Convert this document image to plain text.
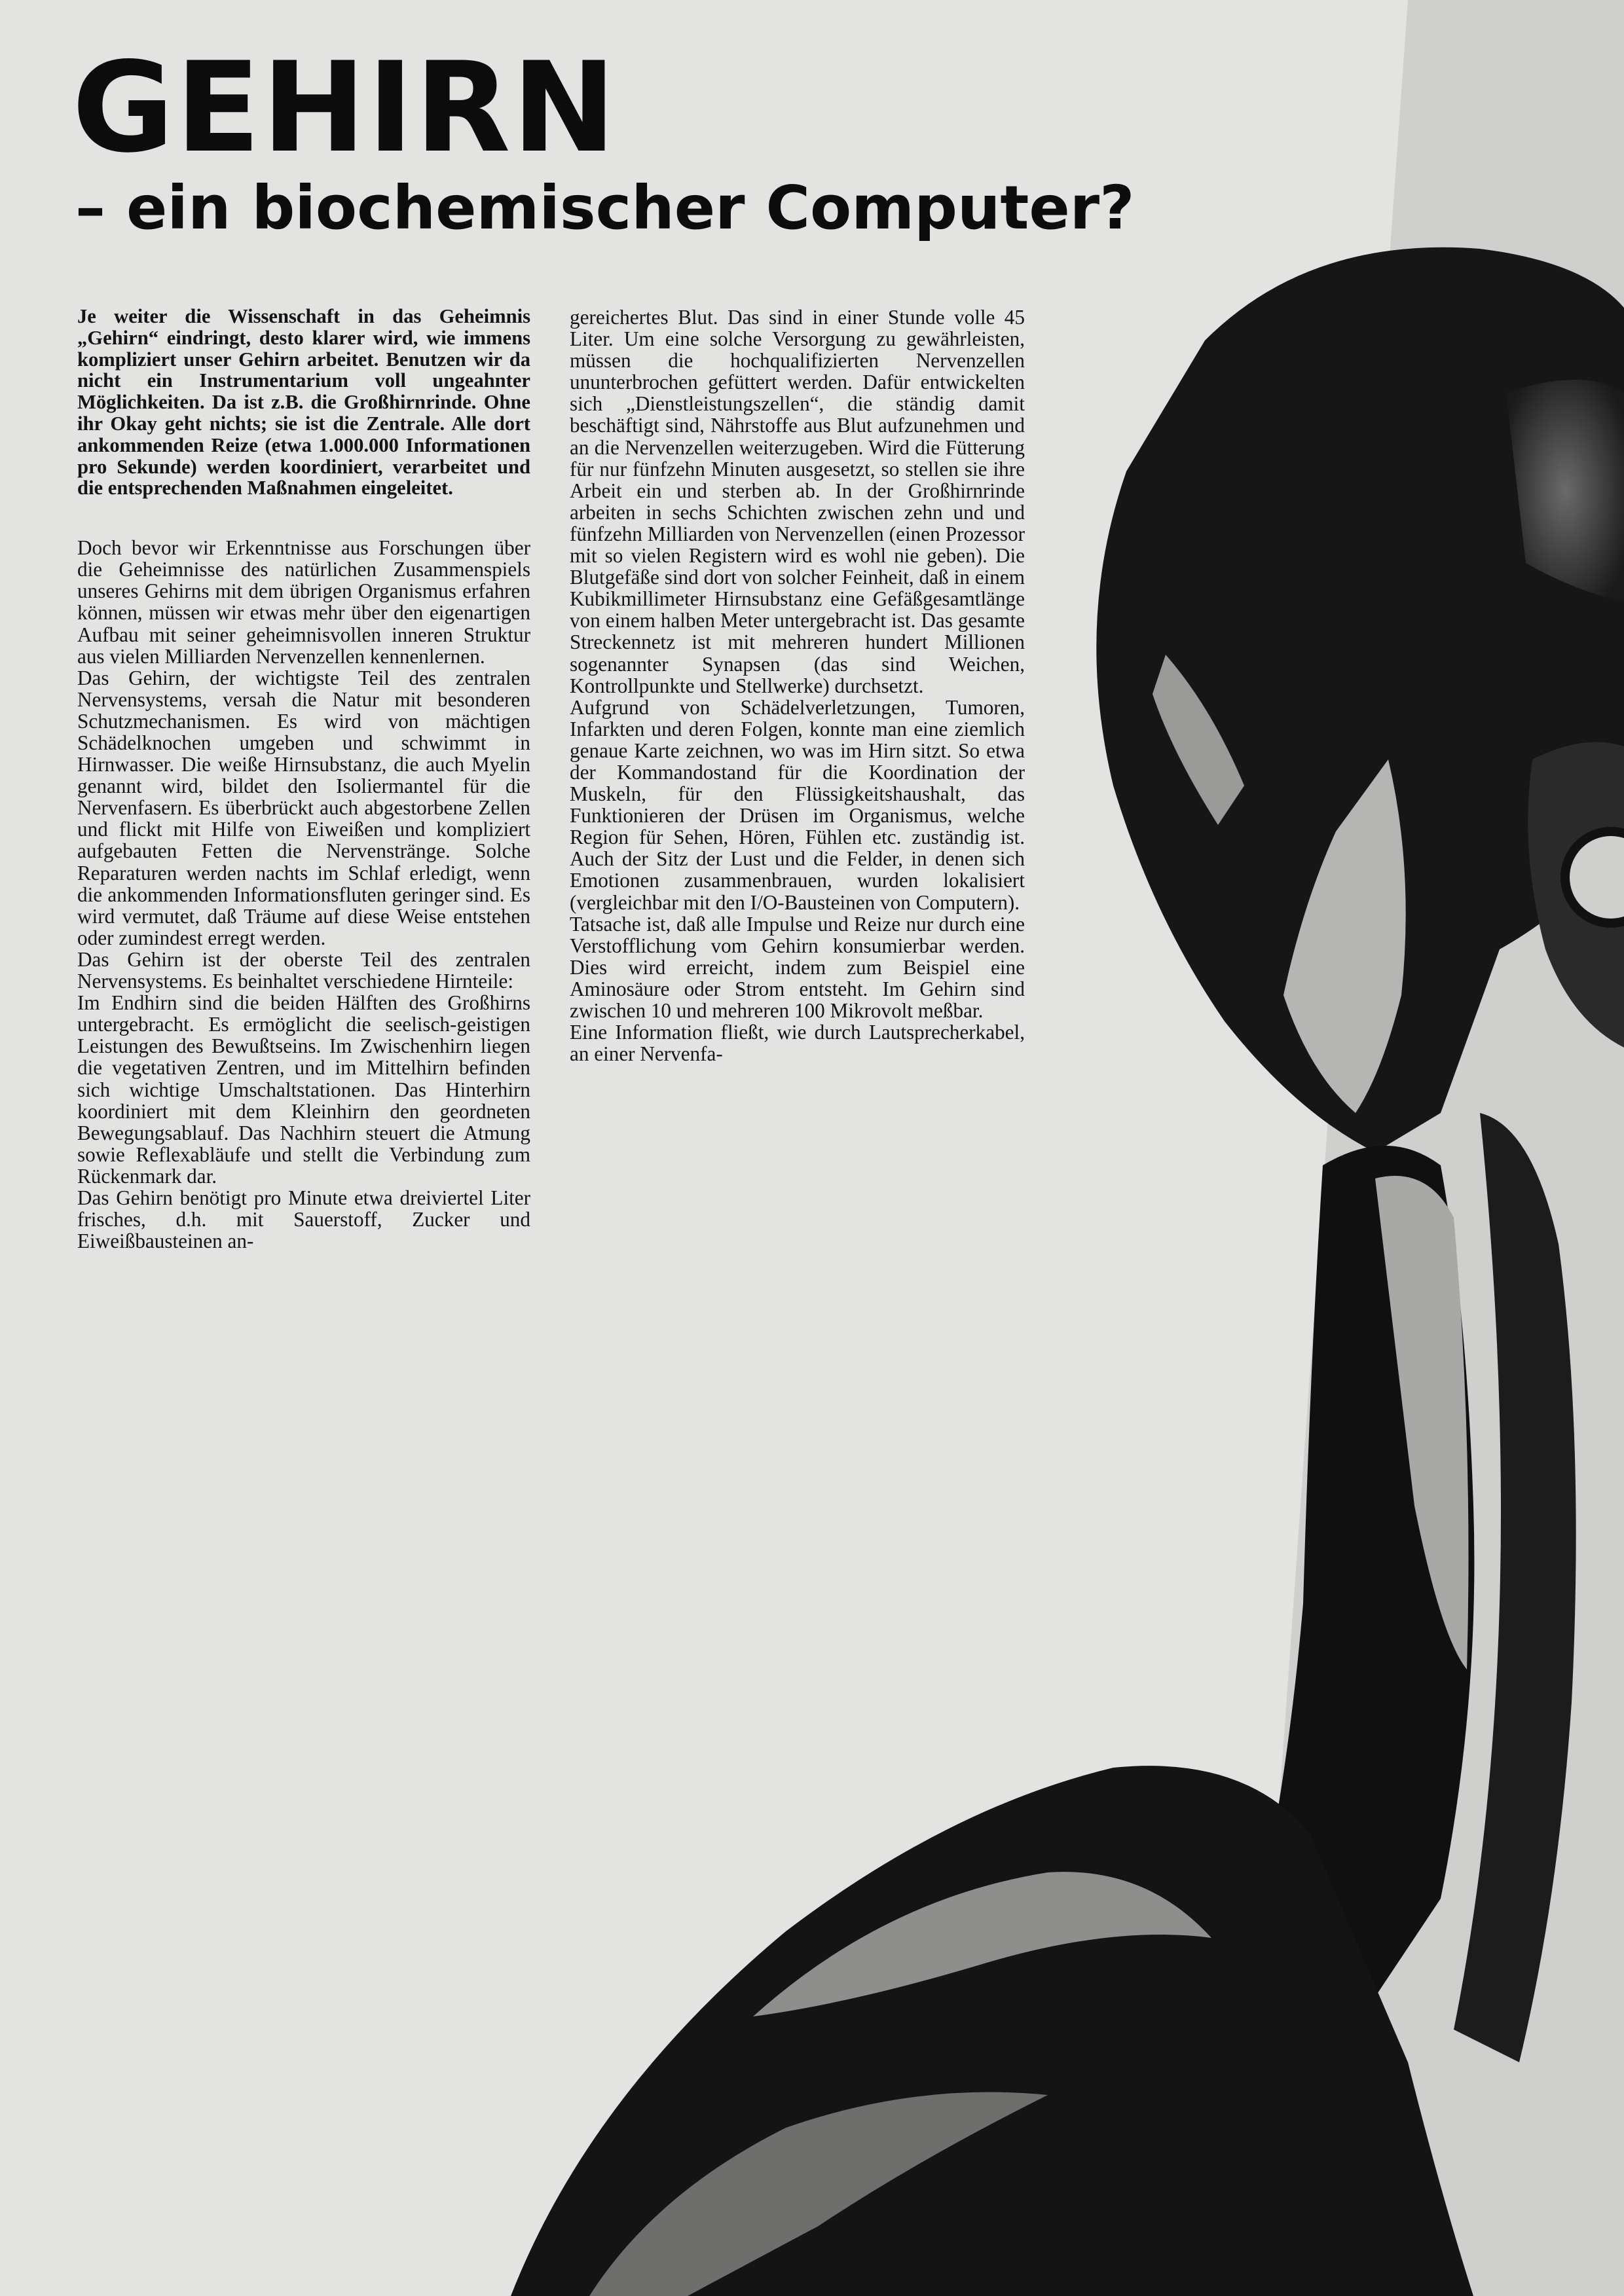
GEHIRN
– ein biochemischer Computer?

Je weiter die Wissenschaft in das Geheimnis „Gehirn“ eindringt, desto klarer wird, wie immens kompliziert unser Gehirn arbeitet. Benutzen wir da nicht ein Instrumentarium voll ungeahnter Möglichkeiten. Da ist z.B. die Großhirnrinde. Ohne ihr Okay geht nichts; sie ist die Zentrale. Alle dort ankommenden Reize (etwa 1.000.000 Informationen pro Sekunde) werden koordiniert, verarbeitet und die entsprechenden Maßnahmen eingeleitet.

Doch bevor wir Erkenntnisse aus Forschungen über die Geheimnisse des natürlichen Zusammenspiels unseres Gehirns mit dem übrigen Organismus erfahren können, müssen wir etwas mehr über den eigenartigen Aufbau mit seiner geheimnisvollen inneren Struktur aus vielen Milliarden Nervenzellen kennenlernen.

Das Gehirn, der wichtigste Teil des zentralen Nervensystems, versah die Natur mit besonderen Schutzmechanismen. Es wird von mächtigen Schädelknochen umgeben und schwimmt in Hirnwasser. Die weiße Hirnsubstanz, die auch Myelin genannt wird, bildet den Isoliermantel für die Nervenfasern. Es überbrückt auch abgestorbene Zellen und flickt mit Hilfe von Eiweißen und kompliziert aufgebauten Fetten die Nervenstränge. Solche Reparaturen werden nachts im Schlaf erledigt, wenn die ankommenden Informationsfluten geringer sind. Es wird vermutet, daß Träume auf diese Weise entstehen oder zumindest erregt werden.

Das Gehirn ist der oberste Teil des zentralen Nervensystems. Es beinhaltet verschiedene Hirnteile:

Im Endhirn sind die beiden Hälften des Großhirns untergebracht. Es ermöglicht die seelisch-geistigen Leistungen des Bewußtseins. Im Zwischenhirn liegen die vegetativen Zentren, und im Mittelhirn befinden sich wichtige Umschaltstationen. Das Hinterhirn koordiniert mit dem Kleinhirn den geordneten Bewegungsablauf. Das Nachhirn steuert die Atmung sowie Reflexabläufe und stellt die Verbindung zum Rückenmark dar.

Das Gehirn benötigt pro Minute etwa dreiviertel Liter frisches, d.h. mit Sauerstoff, Zucker und Eiweißbausteinen an-

gereichertes Blut. Das sind in einer Stunde volle 45 Liter. Um eine solche Versorgung zu gewährleisten, müssen die hochqualifizierten Nervenzellen ununterbrochen gefüttert werden. Dafür entwickelten sich „Dienstleistungszellen“, die ständig damit beschäftigt sind, Nährstoffe aus Blut aufzunehmen und an die Nervenzellen weiterzugeben. Wird die Fütterung für nur fünfzehn Minuten ausgesetzt, so stellen sie ihre Arbeit ein und sterben ab. In der Großhirnrinde arbeiten in sechs Schichten zwischen zehn und und fünfzehn Milliarden von Nervenzellen (einen Prozessor mit so vielen Registern wird es wohl nie geben). Die Blutgefäße sind dort von solcher Feinheit, daß in einem Kubikmillimeter Hirnsubstanz eine Gefäßgesamtlänge von einem halben Meter untergebracht ist. Das gesamte Streckennetz ist mit mehreren hundert Millionen sogenannter Synapsen (das sind Weichen, Kontrollpunkte und Stellwerke) durchsetzt.

Aufgrund von Schädelverletzungen, Tumoren, Infarkten und deren Folgen, konnte man eine ziemlich genaue Karte zeichnen, wo was im Hirn sitzt. So etwa der Kommandostand für die Koordination der Muskeln, für den Flüssigkeitshaushalt, das Funktionieren der Drüsen im Organismus, welche Region für Sehen, Hören, Fühlen etc. zuständig ist. Auch der Sitz der Lust und die Felder, in denen sich Emotionen zusammenbrauen, wurden lokalisiert (vergleichbar mit den I/O-Bausteinen von Computern).

Tatsache ist, daß alle Impulse und Reize nur durch eine Verstofflichung vom Gehirn konsumierbar werden. Dies wird erreicht, indem zum Beispiel eine Aminosäure oder Strom entsteht. Im Gehirn sind zwischen 10 und mehreren 100 Mikrovolt meßbar.

Eine Information fließt, wie durch Lautsprecherkabel, an einer Nervenfa-
